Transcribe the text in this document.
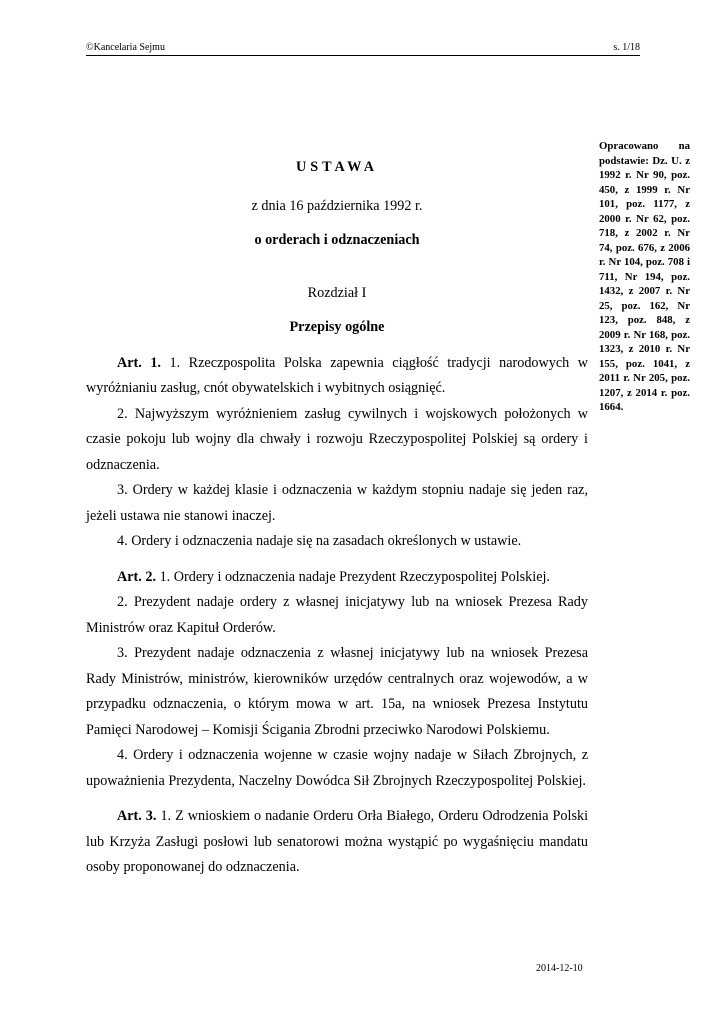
©Kancelaria Sejmu	s. 1/18
Opracowano na podstawie: Dz. U. z 1992 r. Nr 90, poz. 450, z 1999 r. Nr 101, poz. 1177, z 2000 r. Nr 62, poz. 718, z 2002 r. Nr 74, poz. 676, z 2006 r. Nr 104, poz. 708 i 711, Nr 194, poz. 1432, z 2007 r. Nr 25, poz. 162, Nr 123, poz. 848, z 2009 r. Nr 168, poz. 1323, z 2010 r. Nr 155, poz. 1041, z 2011 r. Nr 205, poz. 1207, z 2014 r. poz. 1664.
USTAWA
z dnia 16 października 1992 r.
o orderach i odznaczeniach
Rozdział I
Przepisy ogólne

Art. 1. 1. Rzeczpospolita Polska zapewnia ciągłość tradycji narodowych w wyróżnianiu zasług, cnót obywatelskich i wybitnych osiągnięć.

2. Najwyższym wyróżnieniem zasług cywilnych i wojskowych położonych w czasie pokoju lub wojny dla chwały i rozwoju Rzeczypospolitej Polskiej są ordery i odznaczenia.

3. Ordery w każdej klasie i odznaczenia w każdym stopniu nadaje się jeden raz, jeżeli ustawa nie stanowi inaczej.

4. Ordery i odznaczenia nadaje się na zasadach określonych w ustawie.

Art. 2. 1. Ordery i odznaczenia nadaje Prezydent Rzeczypospolitej Polskiej.

2. Prezydent nadaje ordery z własnej inicjatywy lub na wniosek Prezesa Rady Ministrów oraz Kapituł Orderów.

3. Prezydent nadaje odznaczenia z własnej inicjatywy lub na wniosek Prezesa Rady Ministrów, ministrów, kierowników urzędów centralnych oraz wojewodów, a w przypadku odznaczenia, o którym mowa w art. 15a, na wniosek Prezesa Instytutu Pamięci Narodowej – Komisji Ścigania Zbrodni przeciwko Narodowi Polskiemu.

4. Ordery i odznaczenia wojenne w czasie wojny nadaje w Siłach Zbrojnych, z upoważnienia Prezydenta, Naczelny Dowódca Sił Zbrojnych Rzeczypospolitej Polskiej.

Art. 3. 1. Z wnioskiem o nadanie Orderu Orła Białego, Orderu Odrodzenia Polski lub Krzyża Zasługi posłowi lub senatorowi można wystąpić po wygaśnięciu mandatu osoby proponowanej do odznaczenia.

2014-12-10
